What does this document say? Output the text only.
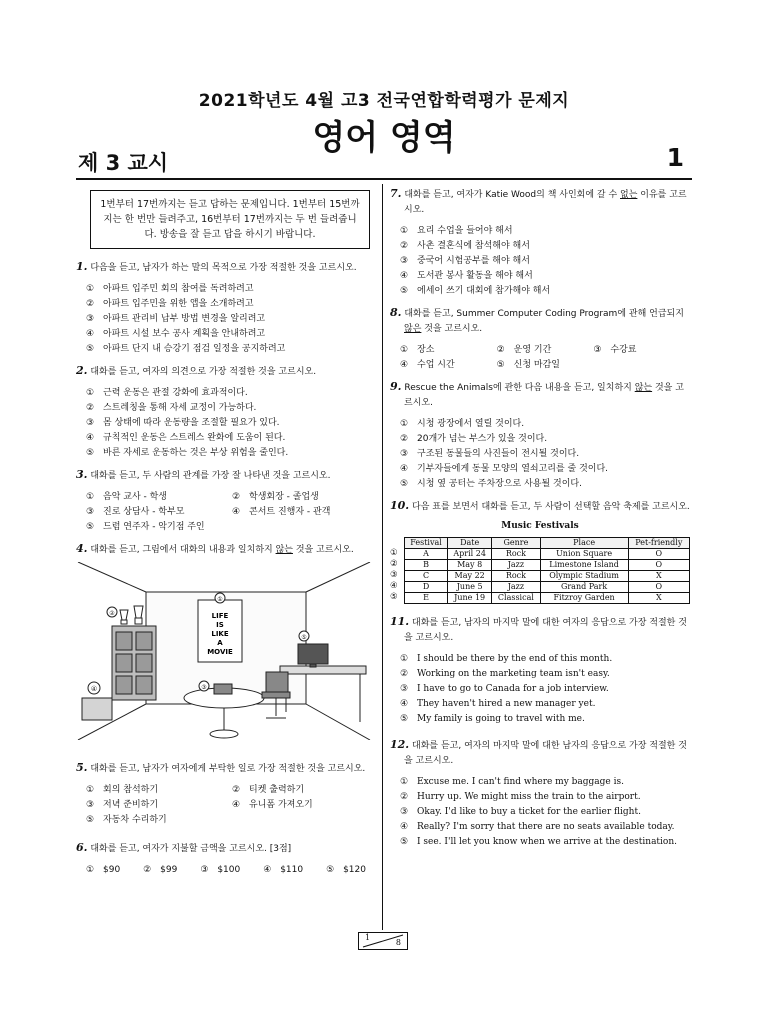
2021학년도 4월 고3 전국연합학력평가 문제지
영어 영역
제 3 교시	1
1번부터 17번까지는 듣고 답하는 문제입니다. 1번부터 15번까지는 한 번만 들려주고, 16번부터 17번까지는 두 번 들려줍니다. 방송을 잘 듣고 답을 하시기 바랍니다.
1. 다음을 듣고, 남자가 하는 말의 목적으로 가장 적절한 것을 고르시오.
① 아파트 입주민 회의 참여를 독려하려고
② 아파트 입주민을 위한 앱을 소개하려고
③ 아파트 관리비 납부 방법 변경을 알리려고
④ 아파트 시설 보수 공사 계획을 안내하려고
⑤ 아파트 단지 내 승강기 점검 일정을 공지하려고
2. 대화를 듣고, 여자의 의견으로 가장 적절한 것을 고르시오.
① 근력 운동은 관절 강화에 효과적이다.
② 스트레칭을 통해 자세 교정이 가능하다.
③ 몸 상태에 따라 운동량을 조절할 필요가 있다.
④ 규칙적인 운동은 스트레스 완화에 도움이 된다.
⑤ 바른 자세로 운동하는 것은 부상 위험을 줄인다.
3. 대화를 듣고, 두 사람의 관계를 가장 잘 나타낸 것을 고르시오.
① 음악 교사 - 학생	② 학생회장 - 졸업생
③ 진로 상담사 - 학부모	④ 콘서트 진행자 - 관객
⑤ 드럼 연주자 - 악기점 주인
4. 대화를 듣고, 그림에서 대화의 내용과 일치하지 않는 것을 고르시오.
①
LIFE
IS
LIKE
A
MOVIE
②
④	③
⑤
5. 대화를 듣고, 남자가 여자에게 부탁한 일로 가장 적절한 것을 고르시오.
① 회의 참석하기	② 티켓 출력하기
③ 저녁 준비하기	④ 유니폼 가져오기
⑤ 자동차 수리하기
6. 대화를 듣고, 여자가 지불할 금액을 고르시오. [3점]
① $90	② $99	③ $100	④ $110	⑤ $120
7. 대화를 듣고, 여자가 Katie Wood의 책 사인회에 갈 수 없는 이유를 고르시오.
① 요리 수업을 들어야 해서
② 사촌 결혼식에 참석해야 해서
③ 중국어 시험공부를 해야 해서
④ 도서관 봉사 활동을 해야 해서
⑤ 에세이 쓰기 대회에 참가해야 해서
8. 대화를 듣고, Summer Computer Coding Program에 관해 언급되지 않은 것을 고르시오.
① 장소	② 운영 기간	③ 수강료
④ 수업 시간	⑤ 신청 마감일
9. Rescue the Animals에 관한 다음 내용을 듣고, 일치하지 않는 것을 고르시오.
① 시청 광장에서 열릴 것이다.
② 20개가 넘는 부스가 있을 것이다.
③ 구조된 동물들의 사진들이 전시될 것이다.
④ 기부자들에게 동물 모양의 열쇠고리를 줄 것이다.
⑤ 시청 옆 공터는 주차장으로 사용될 것이다.
10. 다음 표를 보면서 대화를 듣고, 두 사람이 선택할 음악 축제를 고르시오.
Music Festivals
①
②
③
④
⑤
Festival	Date	Genre	Place	Pet-friendly
A	April 24	Rock	Union Square	O
B	May 8	Jazz	Limestone Island	O
C	May 22	Rock	Olympic Stadium	X
D	June 5	Jazz	Grand Park	O
E	June 19	Classical	Fitzroy Garden	X
11. 대화를 듣고, 남자의 마지막 말에 대한 여자의 응답으로 가장 적절한 것을 고르시오.
① I should be there by the end of this month.
② Working on the marketing team isn't easy.
③ I have to go to Canada for a job interview.
④ They haven't hired a new manager yet.
⑤ My family is going to travel with me.
12. 대화를 듣고, 여자의 마지막 말에 대한 남자의 응답으로 가장 적절한 것을 고르시오.
① Excuse me. I can't find where my baggage is.
② Hurry up. We might miss the train to the airport.
③ Okay. I'd like to buy a ticket for the earlier flight.
④ Really? I'm sorry that there are no seats available today.
⑤ I see. I'll let you know when we arrive at the destination.
1
8
